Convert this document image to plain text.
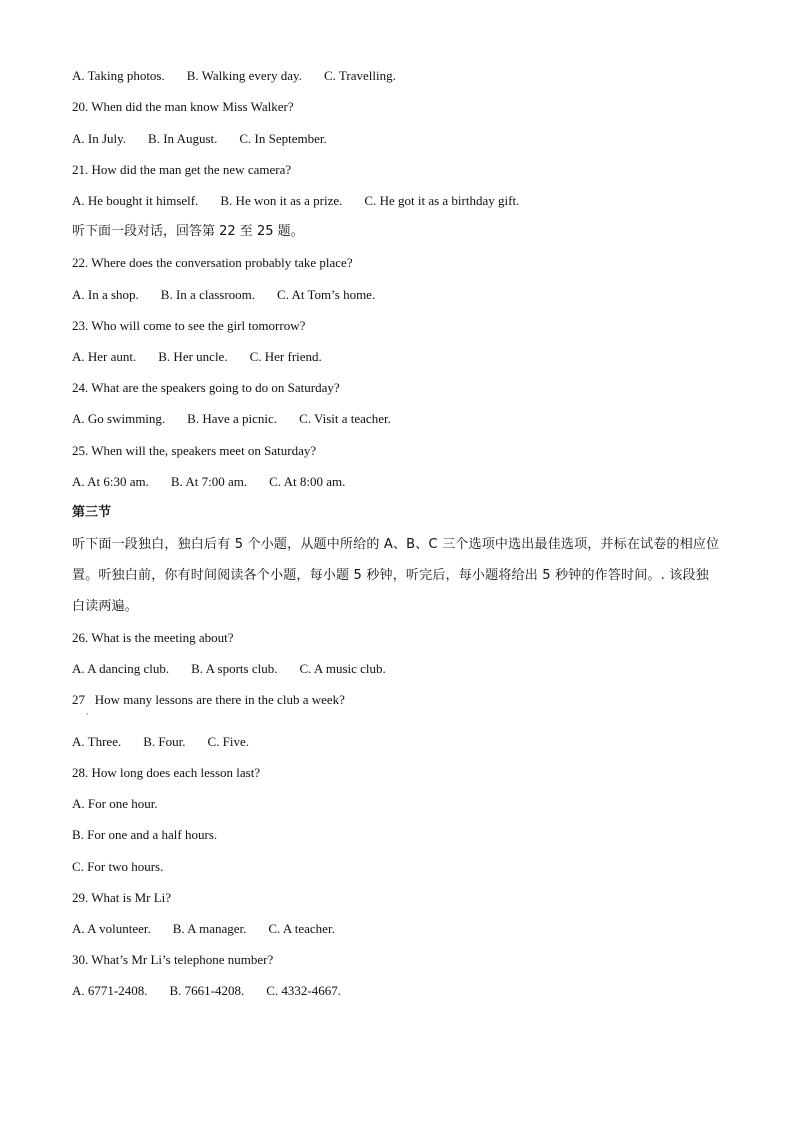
A. Taking photos. B. Walking every day. C. Travelling.
20. When did the man know Miss Walker?
A. In July. B. In August. C. In September.
21. How did the man get the new camera?
A. He bought it himself. B. He won it as a prize. C. He got it as a birthday gift.
听下面一段对话，回答第 22 至 25 题。
22. Where does the conversation probably take place?
A. In a shop. B. In a classroom. C. At Tom’s home.
23. Who will come to see the girl tomorrow?
A. Her aunt. B. Her uncle. C. Her friend.
24. What are the speakers going to do on Saturday?
A. Go swimming. B. Have a picnic. C. Visit a teacher.
25. When will the, speakers meet on Saturday?
A. At 6:30 am. B. At 7:00 am. C. At 8:00 am.
第三节
听下面一段独白，独白后有 5 个小题，从题中所给的 A、B、C 三个选项中选出最佳选项，并标在试卷的相应位置。听独白前，你有时间阅读各个小题，每小题 5 秒钟，听完后，每小题将给出 5 秒钟的作答时间。. 该段独白读两遍。
26. What is the meeting about?
A. A dancing club. B. A sports club. C. A music club.
27   How many lessons are there in the club a week?
·
A. Three. B. Four. C. Five.
28. How long does each lesson last?
A. For one hour.
B. For one and a half hours.
C. For two hours.
29. What is Mr Li?
A. A volunteer. B. A manager. C. A teacher.
30. What’s Mr Li’s telephone number?
A. 6771-2408. B. 7661-4208. C. 4332-4667.
